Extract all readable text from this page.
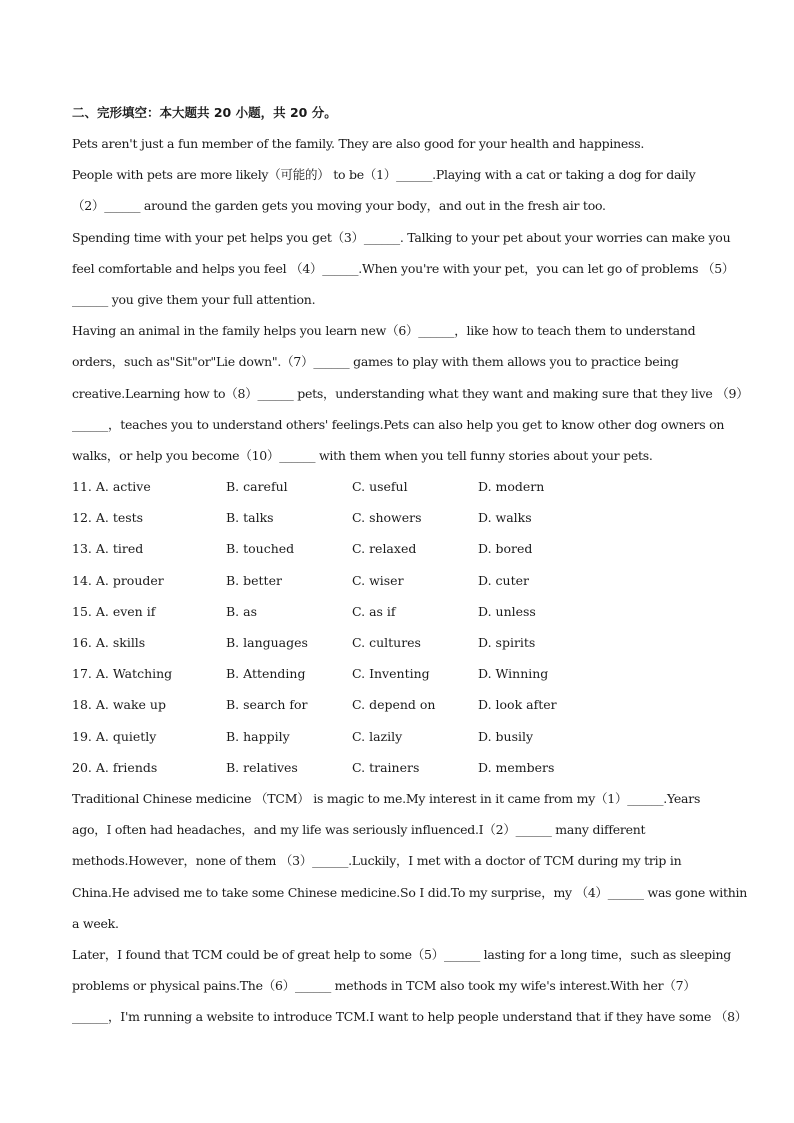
二、完形填空：本大题共 20 小题，共 20 分。
Pets aren't just a fun member of the family. They are also good for your health and happiness.
People with pets are more likely（可能的） to be（1）______.Playing with a cat or taking a dog for daily
（2）______ around the garden gets you moving your body，and out in the fresh air too.
Spending time with your pet helps you get（3）______. Talking to your pet about your worries can make you
feel comfortable and helps you feel （4）______.When you're with your pet，you can let go of problems （5）
______ you give them your full attention.
Having an animal in the family helps you learn new（6）______，like how to teach them to understand
orders，such as"Sit"or"Lie down".（7）______ games to play with them allows you to practice being
creative.Learning how to（8）______ pets，understanding what they want and making sure that they live （9）
______，teaches you to understand others' feelings.Pets can also help you get to know other dog owners on
walks，or help you become（10）______ with them when you tell funny stories about your pets.
11. A. active	B. careful	C. useful	D. modern
12. A. tests	B. talks	C. showers	D. walks
13. A. tired	B. touched	C. relaxed	D. bored
14. A. prouder	B. better	C. wiser	D. cuter
15. A. even if	B. as	C. as if	D. unless
16. A. skills	B. languages	C. cultures	D. spirits
17. A. Watching	B. Attending	C. Inventing	D. Winning
18. A. wake up	B. search for	C. depend on	D. look after
19. A. quietly	B. happily	C. lazily	D. busily
20. A. friends	B. relatives	C. trainers	D. members
Traditional Chinese medicine （TCM） is magic to me.My interest in it came from my（1）______.Years
ago，I often had headaches，and my life was seriously influenced.I（2）______ many different
methods.However，none of them （3）______.Luckily，I met with a doctor of TCM during my trip in
China.He advised me to take some Chinese medicine.So I did.To my surprise，my （4）______ was gone within
a week.
Later，I found that TCM could be of great help to some（5）______ lasting for a long time，such as sleeping
problems or physical pains.The（6）______ methods in TCM also took my wife's interest.With her（7）
______，I'm running a website to introduce TCM.I want to help people understand that if they have some （8）
